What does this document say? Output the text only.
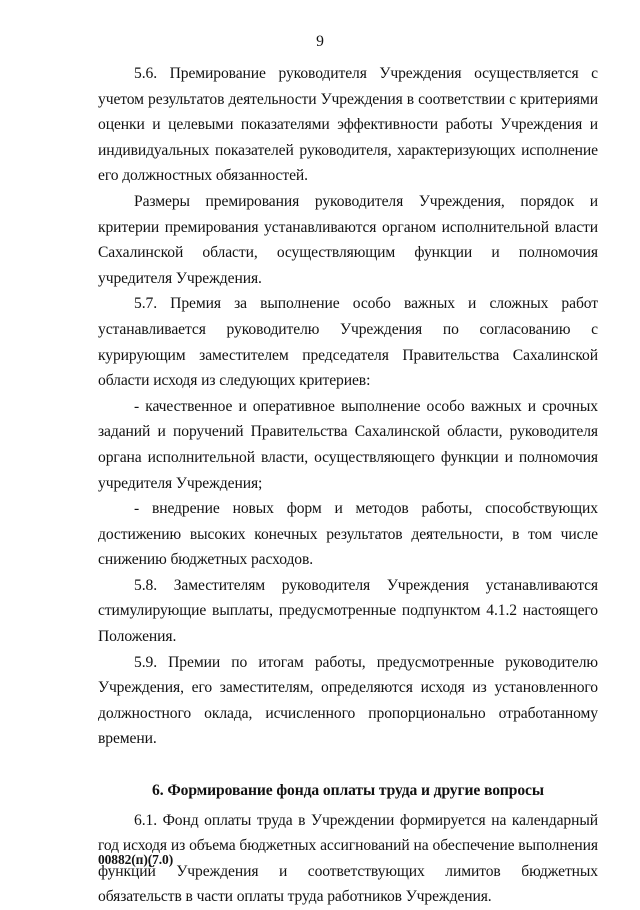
9

5.6. Премирование руководителя Учреждения осуществляется с учетом результатов деятельности Учреждения в соответствии с критериями оценки и целевыми показателями эффективности работы Учреждения и индивидуальных показателей руководителя, характеризующих исполнение его должностных обязанностей.

Размеры премирования руководителя Учреждения, порядок и критерии премирования устанавливаются органом исполнительной власти Сахалинской области, осуществляющим функции и полномочия учредителя Учреждения.

5.7. Премия за выполнение особо важных и сложных работ устанавливается руководителю Учреждения по согласованию с курирующим заместителем председателя Правительства Сахалинской области исходя из следующих критериев:

- качественное и оперативное выполнение особо важных и срочных заданий и поручений Правительства Сахалинской области, руководителя органа исполнительной власти, осуществляющего функции и полномочия учредителя Учреждения;

- внедрение новых форм и методов работы, способствующих достижению высоких конечных результатов деятельности, в том числе снижению бюджетных расходов.

5.8. Заместителям руководителя Учреждения устанавливаются стимулирующие выплаты, предусмотренные подпунктом 4.1.2 настоящего Положения.

5.9. Премии по итогам работы, предусмотренные руководителю Учреждения, его заместителям, определяются исходя из установленного должностного оклада, исчисленного пропорционально отработанному времени.

6. Формирование фонда оплаты труда и другие вопросы

6.1. Фонд оплаты труда в Учреждении формируется на календарный год исходя из объема бюджетных ассигнований на обеспечение выполнения функций Учреждения и соответствующих лимитов бюджетных обязательств в части оплаты труда работников Учреждения.

00882(п)(7.0)
